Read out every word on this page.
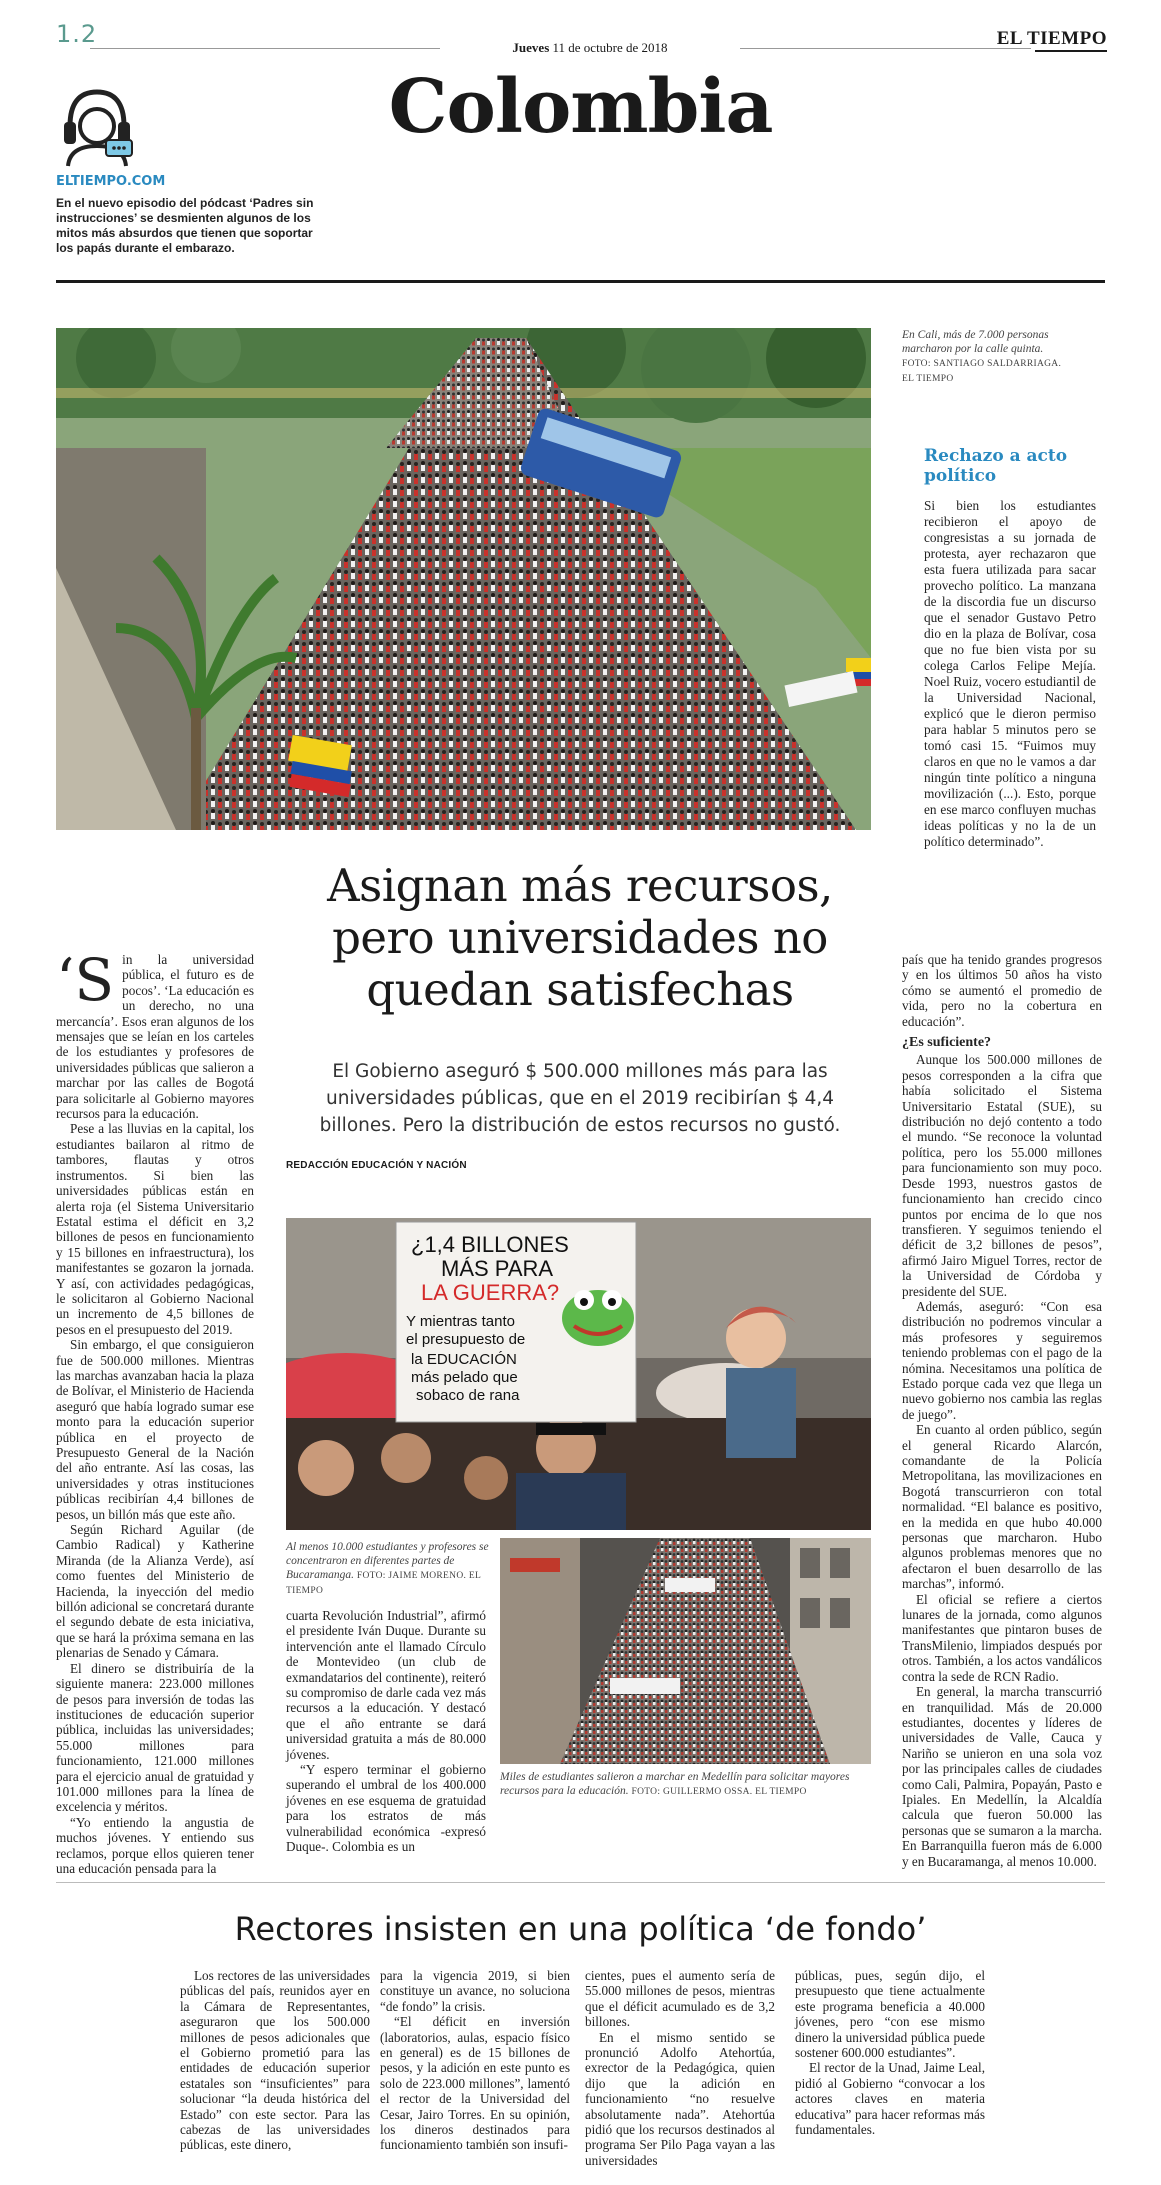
1.2	Jueves 11 de octubre de 2018	EL TIEMPO
Colombia
ELTIEMPO.COM
En el nuevo episodio del pódcast ‘Padres sin instrucciones’ se desmienten algunos de los mitos más absurdos que tienen que soportar los papás durante el embarazo.
En Cali, más de 7.000 personas marcharon por la calle quinta. FOTO: SANTIAGO SALDARRIAGA. EL TIEMPO
Rechazo a acto político
Si bien los estudiantes recibieron el apoyo de congresistas a su jornada de protesta, ayer rechazaron que esta fuera utilizada para sacar provecho político. La manzana de la discordia fue un discurso que el senador Gustavo Petro dio en la plaza de Bolívar, cosa que no fue bien vista por su colega Carlos Felipe Mejía. Noel Ruiz, vocero estudiantil de la Universidad Nacional, explicó que le dieron permiso para hablar 5 minutos pero se tomó casi 15. “Fuimos muy claros en que no le vamos a dar ningún tinte político a ninguna movilización (...). Esto, porque en ese marco confluyen muchas ideas políticas y no la de un político determinado”.
Asignan más recursos,
pero universidades no
quedan satisfechas
El Gobierno aseguró $ 500.000 millones más para las universidades públicas, que en el 2019 recibirían $ 4,4 billones. Pero la distribución de estos recursos no gustó.
REDACCIÓN EDUCACIÓN Y NACIÓN

‘Sin la universidad pública, el futuro es de pocos’. ‘La educación es un derecho, no una mercancía’. Esos eran algunos de los mensajes que se leían en los carteles de los estudiantes y profesores de universidades públicas que salieron a marchar por las calles de Bogotá para solicitarle al Gobierno mayores recursos para la educación.

Pese a las lluvias en la capital, los estudiantes bailaron al ritmo de tambores, flautas y otros instrumentos. Si bien las universidades públicas están en alerta roja (el Sistema Universitario Estatal estima el déficit en 3,2 billones de pesos en funcionamiento y 15 billones en infraestructura), los manifestantes se gozaron la jornada. Y así, con actividades pedagógicas, le solicitaron al Gobierno Nacional un incremento de 4,5 billones de pesos en el presupuesto del 2019.

Sin embargo, el que consiguieron fue de 500.000 millones. Mientras las marchas avanzaban hacia la plaza de Bolívar, el Ministerio de Hacienda aseguró que había logrado sumar ese monto para la educación superior pública en el proyecto de Presupuesto General de la Nación del año entrante. Así las cosas, las universidades y otras instituciones públicas recibirían 4,4 billones de pesos, un billón más que este año.

Según Richard Aguilar (de Cambio Radical) y Katherine Miranda (de la Alianza Verde), así como fuentes del Ministerio de Hacienda, la inyección del medio billón adicional se concretará durante el segundo debate de esta iniciativa, que se hará la próxima semana en las plenarias de Senado y Cámara.

El dinero se distribuiría de la siguiente manera: 223.000 millones de pesos para inversión de todas las instituciones de educación superior pública, incluidas las universidades; 55.000 millones para funcionamiento, 121.000 millones para el ejercicio anual de gratuidad y 101.000 millones para la línea de excelencia y méritos.

“Yo entiendo la angustia de muchos jóvenes. Y entiendo sus reclamos, porque ellos quieren tener una educación pensada para la

¿1,4 BILLONES
MÁS PARA
LA GUERRA?
Y mientras tanto
el presupuesto de
la EDUCACIÓN
más pelado que
sobaco de rana
Al menos 10.000 estudiantes y profesores se concentraron en diferentes partes de Bucaramanga. FOTO: JAIME MORENO. EL TIEMPO
Miles de estudiantes salieron a marchar en Medellín para solicitar mayores recursos para la educación. FOTO: GUILLERMO OSSA. EL TIEMPO

cuarta Revolución Industrial”, afirmó el presidente Iván Duque. Durante su intervención ante el llamado Círculo de Montevideo (un club de exmandatarios del continente), reiteró su compromiso de darle cada vez más recursos a la educación. Y destacó que el año entrante se dará universidad gratuita a más de 80.000 jóvenes.

“Y espero terminar el gobierno superando el umbral de los 400.000 jóvenes en ese esquema de gratuidad para los estratos de más vulnerabilidad económica -expresó Duque-. Colombia es un

país que ha tenido grandes progresos y en los últimos 50 años ha visto cómo se aumentó el promedio de vida, pero no la cobertura en educación”.

¿Es suficiente?

Aunque los 500.000 millones de pesos corresponden a la cifra que había solicitado el Sistema Universitario Estatal (SUE), su distribución no dejó contento a todo el mundo. “Se reconoce la voluntad política, pero los 55.000 millones para funcionamiento son muy poco. Desde 1993, nuestros gastos de funcionamiento han crecido cinco puntos por encima de lo que nos transfieren. Y seguimos teniendo el déficit de 3,2 billones de pesos”, afirmó Jairo Miguel Torres, rector de la Universidad de Córdoba y presidente del SUE.

Además, aseguró: “Con esa distribución no podremos vincular a más profesores y seguiremos teniendo problemas con el pago de la nómina. Necesitamos una política de Estado porque cada vez que llega un nuevo gobierno nos cambia las reglas de juego”.

En cuanto al orden público, según el general Ricardo Alarcón, comandante de la Policía Metropolitana, las movilizaciones en Bogotá transcurrieron con total normalidad. “El balance es positivo, en la medida en que hubo 40.000 personas que marcharon. Hubo algunos problemas menores que no afectaron el buen desarrollo de las marchas”, informó.

El oficial se refiere a ciertos lunares de la jornada, como algunos manifestantes que pintaron buses de TransMilenio, limpiados después por otros. También, a los actos vandálicos contra la sede de RCN Radio.

En general, la marcha transcurrió en tranquilidad. Más de 20.000 estudiantes, docentes y líderes de universidades de Valle, Cauca y Nariño se unieron en una sola voz por las principales calles de ciudades como Cali, Palmira, Popayán, Pasto e Ipiales. En Medellín, la Alcaldía calcula que fueron 50.000 las personas que se sumaron a la marcha. En Barranquilla fueron más de 6.000 y en Bucaramanga, al menos 10.000.

Rectores insisten en una política ‘de fondo’

Los rectores de las universidades públicas del país, reunidos ayer en la Cámara de Representantes, aseguraron que los 500.000 millones de pesos adicionales que el Gobierno prometió para las entidades de educación superior estatales son “insuficientes” para solucionar “la deuda histórica del Estado” con este sector. Para las cabezas de las universidades públicas, este dinero,

para la vigencia 2019, si bien constituye un avance, no soluciona “de fondo” la crisis.

“El déficit en inversión (laboratorios, aulas, espacio físico en general) es de 15 billones de pesos, y la adición en este punto es solo de 223.000 millones”, lamentó el rector de la Universidad del Cesar, Jairo Torres. En su opinión, los dineros destinados para funcionamiento también son insufi-

cientes, pues el aumento sería de 55.000 millones de pesos, mientras que el déficit acumulado es de 3,2 billones.

En el mismo sentido se pronunció Adolfo Atehortúa, exrector de la Pedagógica, quien dijo que la adición en funcionamiento “no resuelve absolutamente nada”. Atehortúa pidió que los recursos destinados al programa Ser Pilo Paga vayan a las universidades

públicas, pues, según dijo, el presupuesto que tiene actualmente este programa beneficia a 40.000 jóvenes, pero “con ese mismo dinero la universidad pública puede sostener 600.000 estudiantes”.

El rector de la Unad, Jaime Leal, pidió al Gobierno “convocar a los actores claves en materia educativa” para hacer reformas más fundamentales.
